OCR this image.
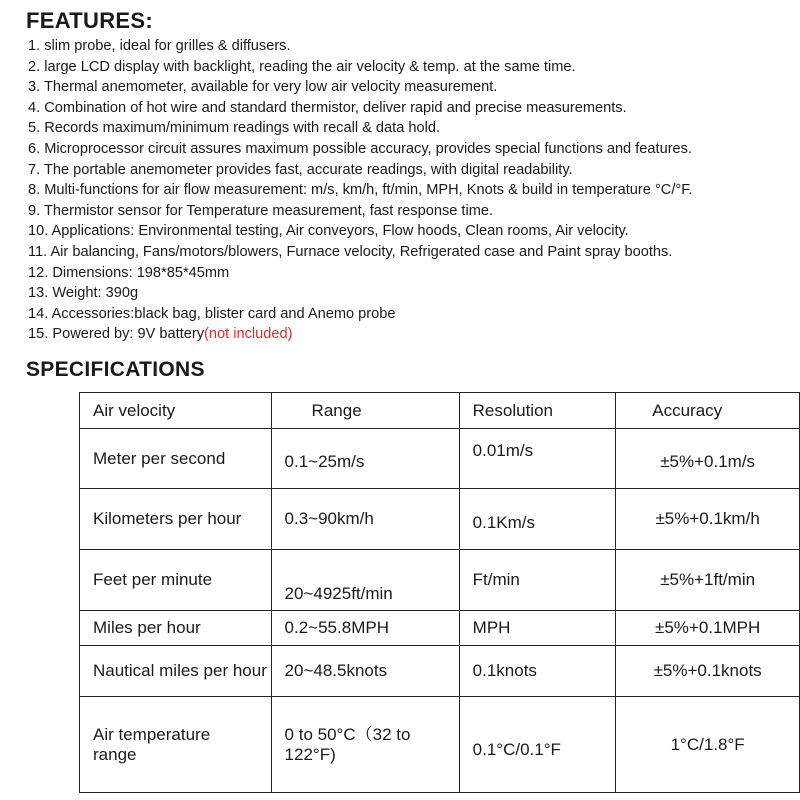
FEATURES:
1. slim probe, ideal for grilles & diffusers.
2. large LCD display with backlight, reading the air velocity & temp. at the same time.
3. Thermal anemometer, available for very low air velocity measurement.
4. Combination of hot wire and standard thermistor, deliver rapid and precise measurements.
5. Records maximum/minimum readings with recall & data hold.
6. Microprocessor circuit assures maximum possible accuracy, provides special functions and features.
7. The portable anemometer provides fast, accurate readings, with digital readability.
8. Multi-functions for air flow measurement: m/s, km/h, ft/min, MPH, Knots & build in temperature °C/°F.
9. Thermistor sensor for Temperature measurement, fast response time.
10. Applications: Environmental testing, Air conveyors, Flow hoods, Clean rooms, Air velocity.
11. Air balancing, Fans/motors/blowers, Furnace velocity, Refrigerated case and Paint spray booths.
12. Dimensions: 198*85*45mm
13. Weight: 390g
14. Accessories:black bag, blister card and Anemo probe
15. Powered by: 9V battery(not included)
SPECIFICATIONS
Air velocity	Range	Resolution	Accuracy
Meter per second	0.1~25m/s	0.01m/s	±5%+0.1m/s
Kilometers per hour	0.3~90km/h	0.1Km/s	±5%+0.1km/h
Feet per minute	20~4925ft/min	Ft/min	±5%+1ft/min
Miles per hour	0.2~55.8MPH	MPH	±5%+0.1MPH
Nautical miles per hour	20~48.5knots	0.1knots	±5%+0.1knots
Air temperature range	0 to 50°C（32 to 122°F)	0.1°C/0.1°F	1°C/1.8°F
